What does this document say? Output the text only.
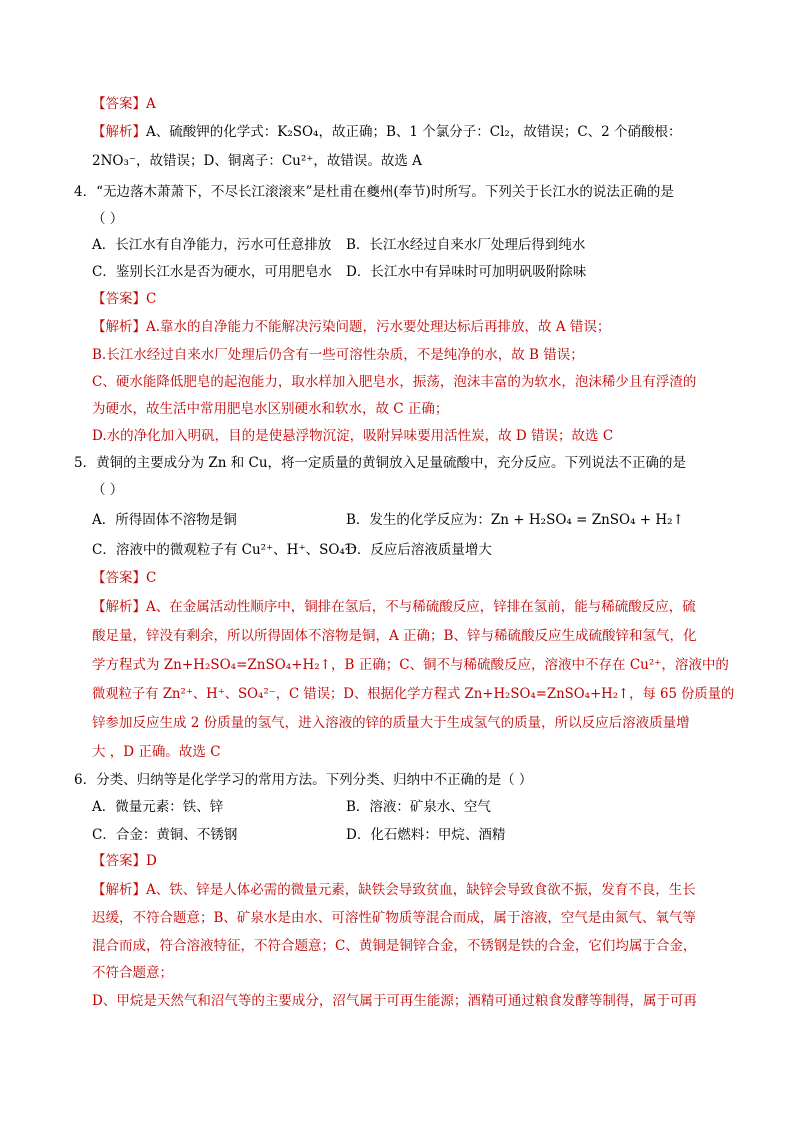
【答案】A
【解析】A、硫酸钾的化学式：K₂SO₄，故正确；B、1 个氯分子：Cl₂，故错误；C、2 个硝酸根：
2NO₃⁻，故错误；D、铜离子：Cu²⁺，故错误。故选 A
4．“无边落木萧萧下，不尽长江滚滚来”是杜甫在夔州(奉节)时所写。下列关于长江水的说法正确的是
（ ）
A．长江水有自净能力，污水可任意排放 B．长江水经过自来水厂处理后得到纯水
C．鉴别长江水是否为硬水，可用肥皂水 D．长江水中有异味时可加明矾吸附除味
【答案】C
【解析】A.靠水的自净能力不能解决污染问题，污水要处理达标后再排放，故 A 错误；
B.长江水经过自来水厂处理后仍含有一些可溶性杂质，不是纯净的水，故 B 错误；
C、硬水能降低肥皂的起泡能力，取水样加入肥皂水，振荡，泡沫丰富的为软水，泡沫稀少且有浮渣的
为硬水，故生活中常用肥皂水区别硬水和软水，故 C 正确；
D.水的净化加入明矾，目的是使悬浮物沉淀，吸附异味要用活性炭，故 D 错误；故选 C
5．黄铜的主要成分为 Zn 和 Cu，将一定质量的黄铜放入足量硫酸中，充分反应。下列说法不正确的是
（ ）
A．所得固体不溶物是铜	B．发生的化学反应为：Zn + H₂SO₄ = ZnSO₄ + H₂↑
C．溶液中的微观粒子有 Cu²⁺、H⁺、SO₄²⁻
D．反应后溶液质量增大
【答案】C
【解析】A、在金属活动性顺序中，铜排在氢后，不与稀硫酸反应，锌排在氢前，能与稀硫酸反应，硫
酸足量，锌没有剩余，所以所得固体不溶物是铜，A 正确；B、锌与稀硫酸反应生成硫酸锌和氢气，化
学方程式为 Zn+H₂SO₄=ZnSO₄+H₂↑，B 正确；C、铜不与稀硫酸反应，溶液中不存在 Cu²⁺，溶液中的
微观粒子有 Zn²⁺、H⁺、SO₄²⁻，C 错误；D、根据化学方程式 Zn+H₂SO₄=ZnSO₄+H₂↑，每 65 份质量的
锌参加反应生成 2 份质量的氢气，进入溶液的锌的质量大于生成氢气的质量，所以反应后溶液质量增
大 ，D 正确。故选 C
6．分类、归纳等是化学学习的常用方法。下列分类、归纳中不正确的是（ ）
A．微量元素：铁、锌	B．溶液：矿泉水、空气
C．合金：黄铜、不锈钢	D．化石燃料：甲烷、酒精
【答案】D
【解析】A、铁、锌是人体必需的微量元素，缺铁会导致贫血，缺锌会导致食欲不振，发育不良，生长
迟缓，不符合题意；B、矿泉水是由水、可溶性矿物质等混合而成，属于溶液，空气是由氮气、氧气等
混合而成，符合溶液特征，不符合题意；C、黄铜是铜锌合金，不锈钢是铁的合金，它们均属于合金，
不符合题意；
D、甲烷是天然气和沼气等的主要成分，沼气属于可再生能源；酒精可通过粮食发酵等制得，属于可再
